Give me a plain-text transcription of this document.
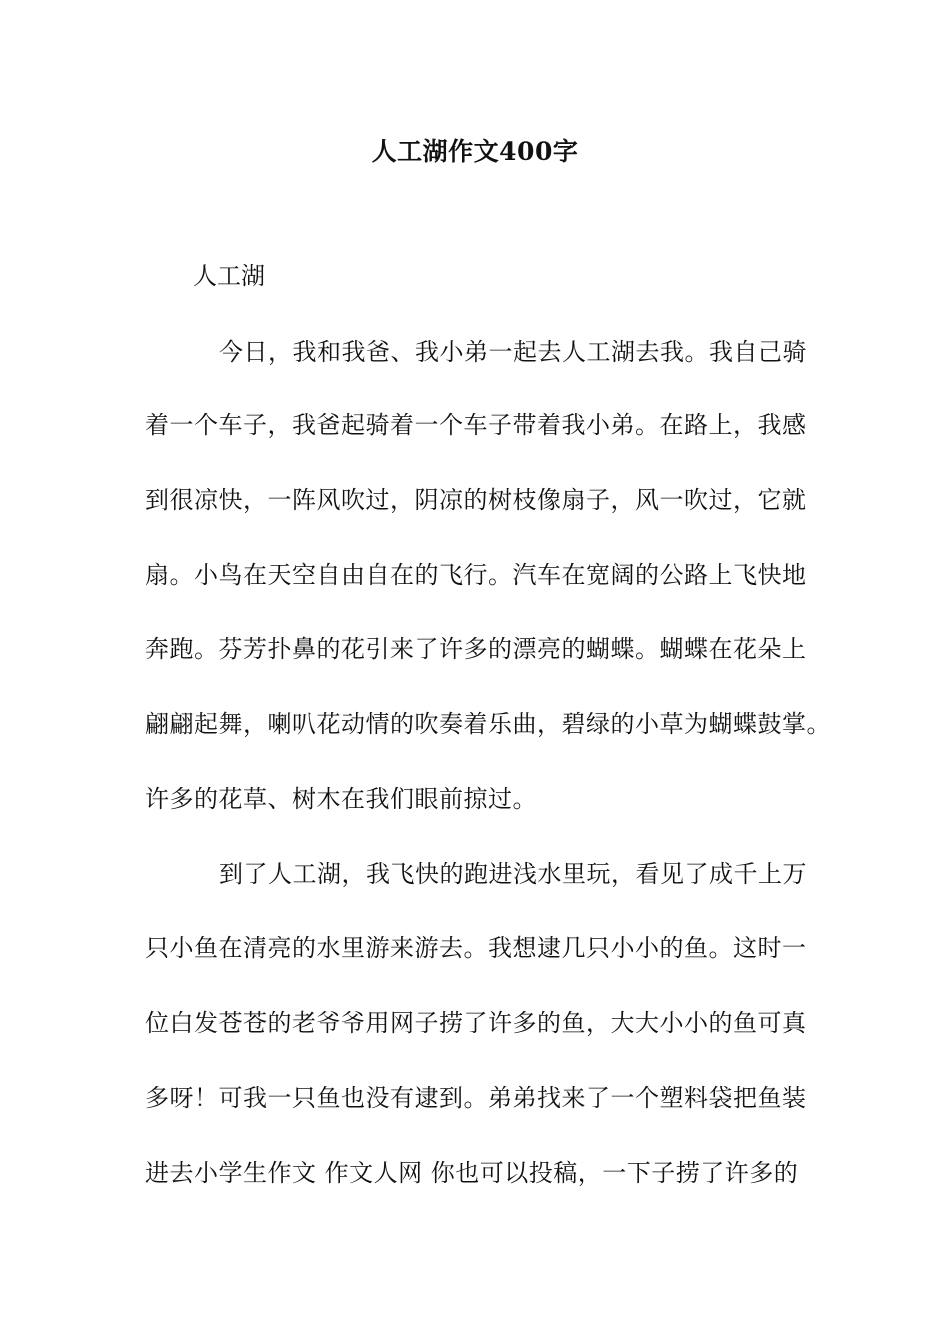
人工湖作文400字
人工湖
今日，我和我爸、我小弟一起去人工湖去我。我自己骑
着一个车子，我爸起骑着一个车子带着我小弟。在路上，我感
到很凉快，一阵风吹过，阴凉的树枝像扇子，风一吹过，它就
扇。小鸟在天空自由自在的飞行。汽车在宽阔的公路上飞快地
奔跑。芬芳扑鼻的花引来了许多的漂亮的蝴蝶。蝴蝶在花朵上
翩翩起舞，喇叭花动情的吹奏着乐曲，碧绿的小草为蝴蝶鼓掌。
许多的花草、树木在我们眼前掠过。
到了人工湖，我飞快的跑进浅水里玩，看见了成千上万
只小鱼在清亮的水里游来游去。我想逮几只小小的鱼。这时一
位白发苍苍的老爷爷用网子捞了许多的鱼，大大小小的鱼可真
多呀！可我一只鱼也没有逮到。弟弟找来了一个塑料袋把鱼装
进去小学生作文 作文人网 你也可以投稿，一下子捞了许多的
